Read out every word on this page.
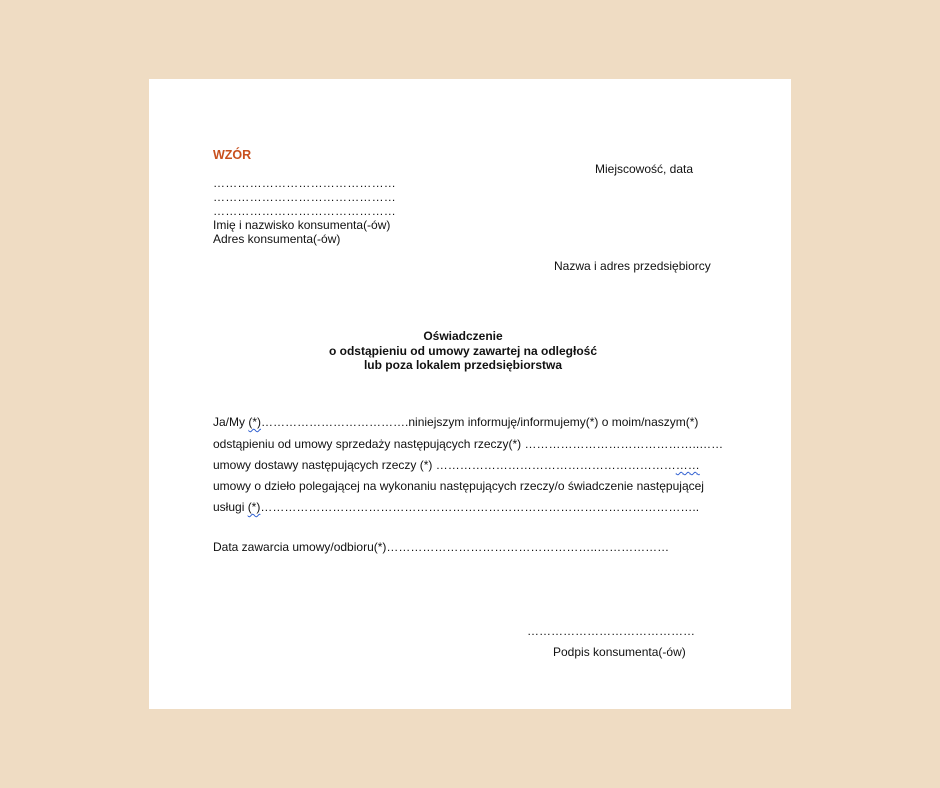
WZÓR
Miejscowość, data
………………………………………
………………………………………
………………………………………
Imię i nazwisko konsumenta(-ów)
Adres konsumenta(-ów)
Nazwa i adres przedsiębiorcy
Oświadczenie
o odstąpieniu od umowy zawartej na odległość
lub poza lokalem przedsiębiorstwa
Ja/My (*)……………………………….niniejszym informuję/informujemy(*) o moim/naszym(*)
odstąpieniu od umowy sprzedaży następujących rzeczy(*) ……………………………………..……
umowy dostawy następujących rzeczy (*) …………………………………………………………
umowy o dzieło polegającej na wykonaniu następujących rzeczy/o świadczenie następującej
usługi (*)………………………………………………………………………………………………..
Data zawarcia umowy/odbioru(*)……………………………………………..………………
……………………………………
Podpis konsumenta(-ów)
